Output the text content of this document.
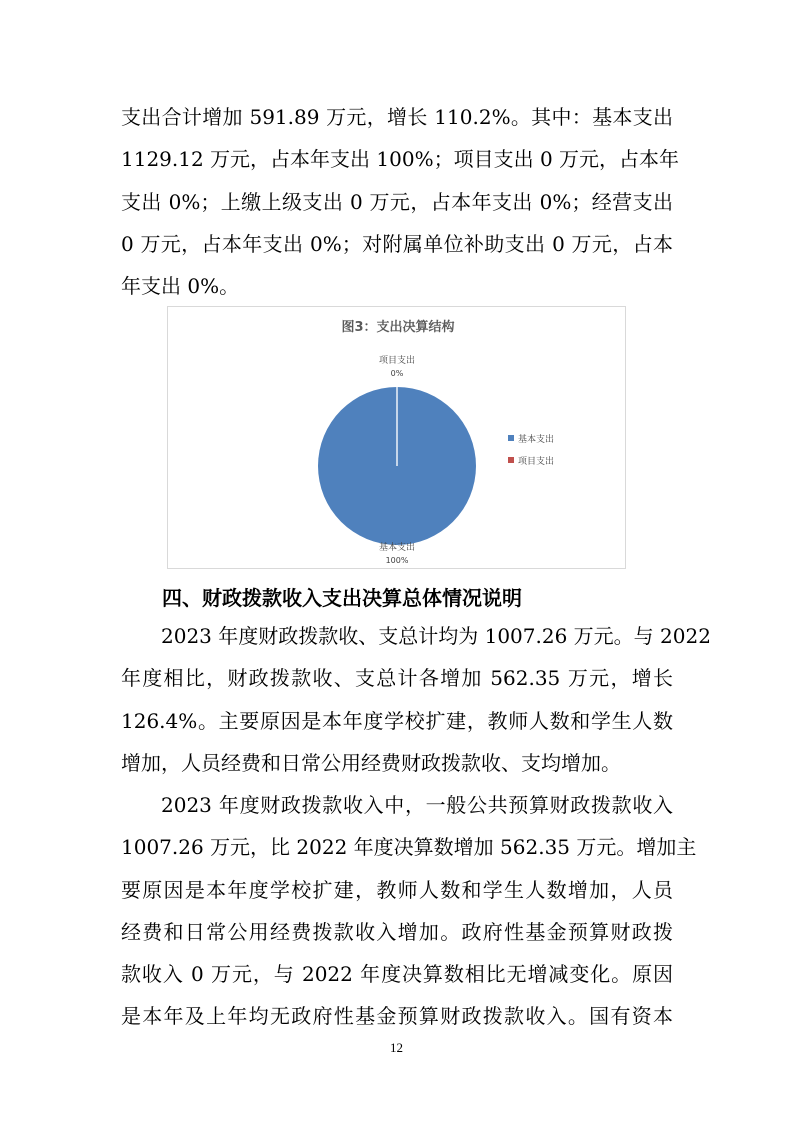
支出合计增加 591.89 万元，增长 110.2%。其中：基本支出
1129.12 万元，占本年支出 100%；项目支出 0 万元，占本年
支出 0%；上缴上级支出 0 万元，占本年支出 0%；经营支出
0 万元，占本年支出 0%；对附属单位补助支出 0 万元，占本
年支出 0%。
图3：支出决算结构
项目支出
0%
基本支出
100%
基本支出
项目支出
四、财政拨款收入支出决算总体情况说明
2023 年度财政拨款收、支总计均为 1007.26 万元。与 2022
年度相比，财政拨款收、支总计各增加 562.35 万元，增长
126.4%。主要原因是本年度学校扩建，教师人数和学生人数
增加，人员经费和日常公用经费财政拨款收、支均增加。
2023 年度财政拨款收入中，一般公共预算财政拨款收入
1007.26 万元，比 2022 年度决算数增加 562.35 万元。增加主
要原因是本年度学校扩建，教师人数和学生人数增加，人员
经费和日常公用经费拨款收入增加。政府性基金预算财政拨
款收入 0 万元，与 2022 年度决算数相比无增减变化。原因
是本年及上年均无政府性基金预算财政拨款收入。国有资本
12
